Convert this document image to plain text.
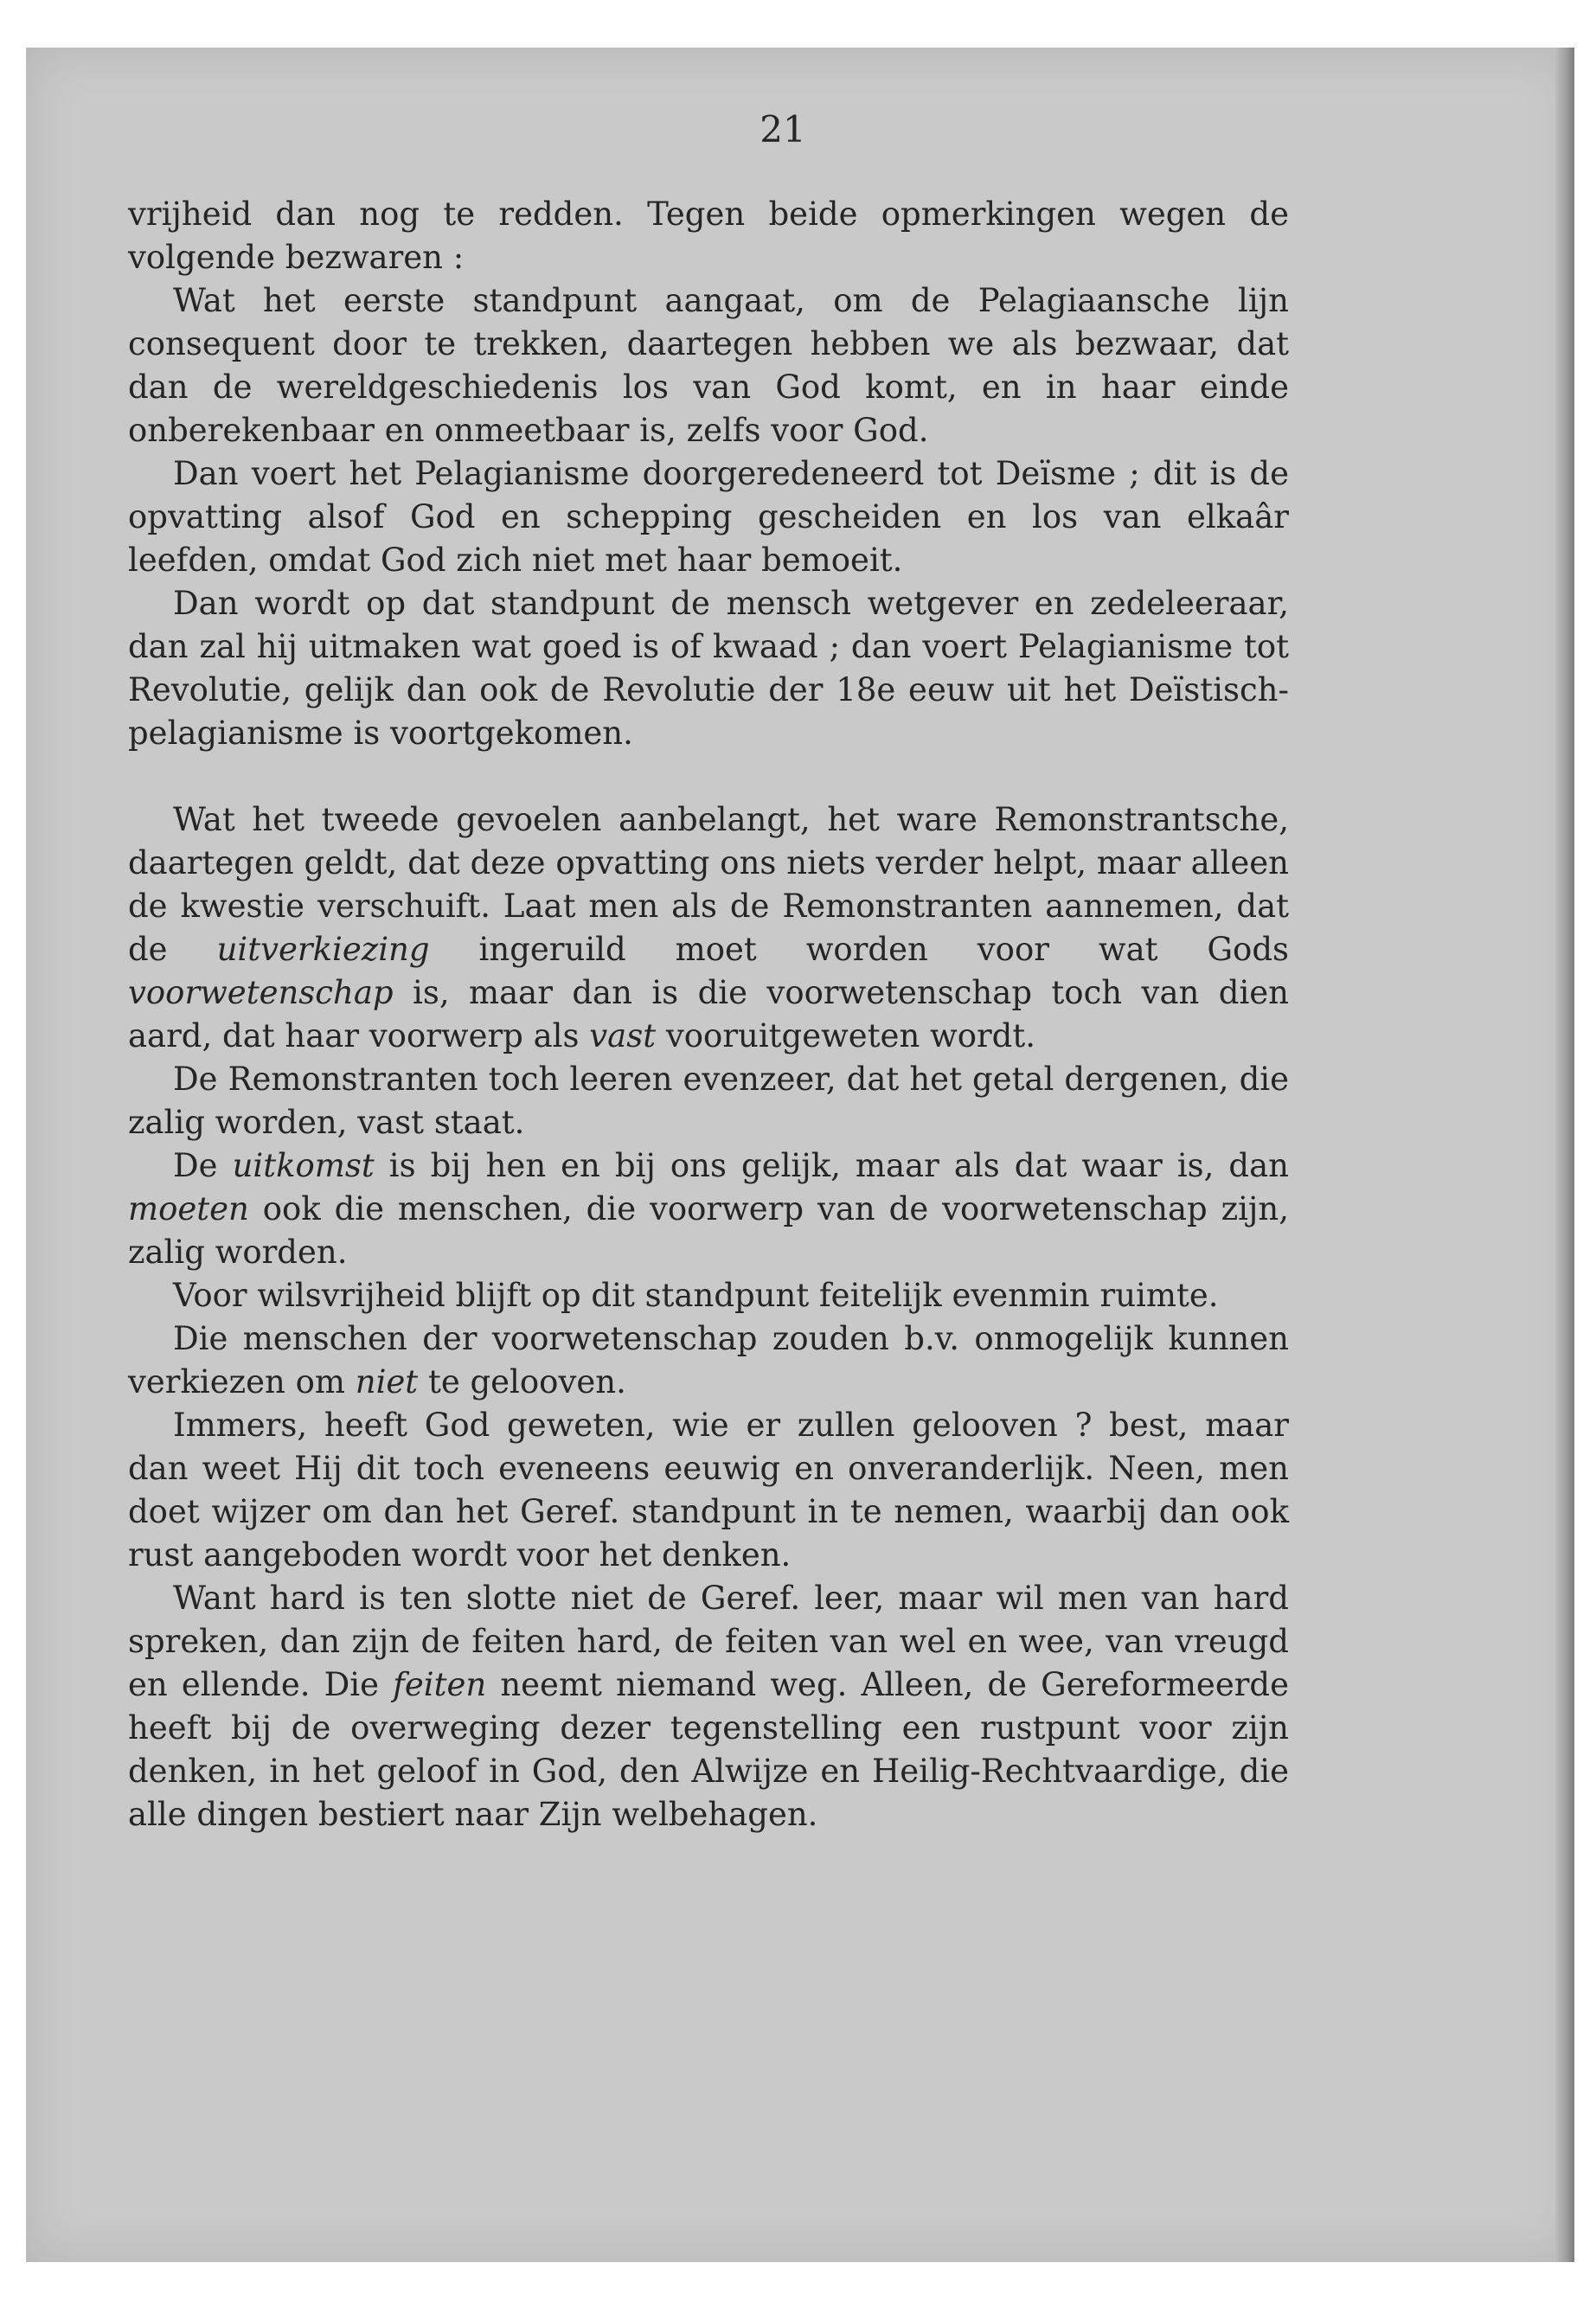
21

vrijheid dan nog te redden. Tegen beide opmerkingen wegen de volgende bezwaren :

Wat het eerste standpunt aangaat, om de Pelagiaansche lijn consequent door te trekken, daartegen hebben we als bezwaar, dat dan de wereldgeschiedenis los van God komt, en in haar einde onberekenbaar en onmeetbaar is, zelfs voor God.

Dan voert het Pelagianisme doorgeredeneerd tot Deïsme ; dit is de opvatting alsof God en schepping gescheiden en los van elkaâr leefden, omdat God zich niet met haar bemoeit.

Dan wordt op dat standpunt de mensch wetgever en zedeleeraar, dan zal hij uitmaken wat goed is of kwaad ; dan voert Pelagianisme tot Revolutie, gelijk dan ook de Revolutie der 18e eeuw uit het Deïstisch-pelagianisme is voortgekomen.

Wat het tweede gevoelen aanbelangt, het ware Remonstrantsche, daartegen geldt, dat deze opvatting ons niets verder helpt, maar alleen de kwestie verschuift. Laat men als de Remonstranten aannemen, dat de uitverkiezing ingeruild moet worden voor wat Gods voorwetenschap is, maar dan is die voorwetenschap toch van dien aard, dat haar voorwerp als vast vooruitgeweten wordt.

De Remonstranten toch leeren evenzeer, dat het getal dergenen, die zalig worden, vast staat.

De uitkomst is bij hen en bij ons gelijk, maar als dat waar is, dan moeten ook die menschen, die voorwerp van de voorwetenschap zijn, zalig worden.

Voor wilsvrijheid blijft op dit standpunt feitelijk evenmin ruimte.

Die menschen der voorwetenschap zouden b.v. onmogelijk kunnen verkiezen om niet te gelooven.

Immers, heeft God geweten, wie er zullen gelooven ? best, maar dan weet Hij dit toch eveneens eeuwig en onveranderlijk. Neen, men doet wijzer om dan het Geref. standpunt in te nemen, waarbij dan ook rust aangeboden wordt voor het denken.

Want hard is ten slotte niet de Geref. leer, maar wil men van hard spreken, dan zijn de feiten hard, de feiten van wel en wee, van vreugd en ellende. Die feiten neemt niemand weg. Alleen, de Gereformeerde heeft bij de overweging dezer tegenstelling een rustpunt voor zijn denken, in het geloof in God, den Alwijze en Heilig-Rechtvaardige, die alle dingen bestiert naar Zijn welbehagen.
